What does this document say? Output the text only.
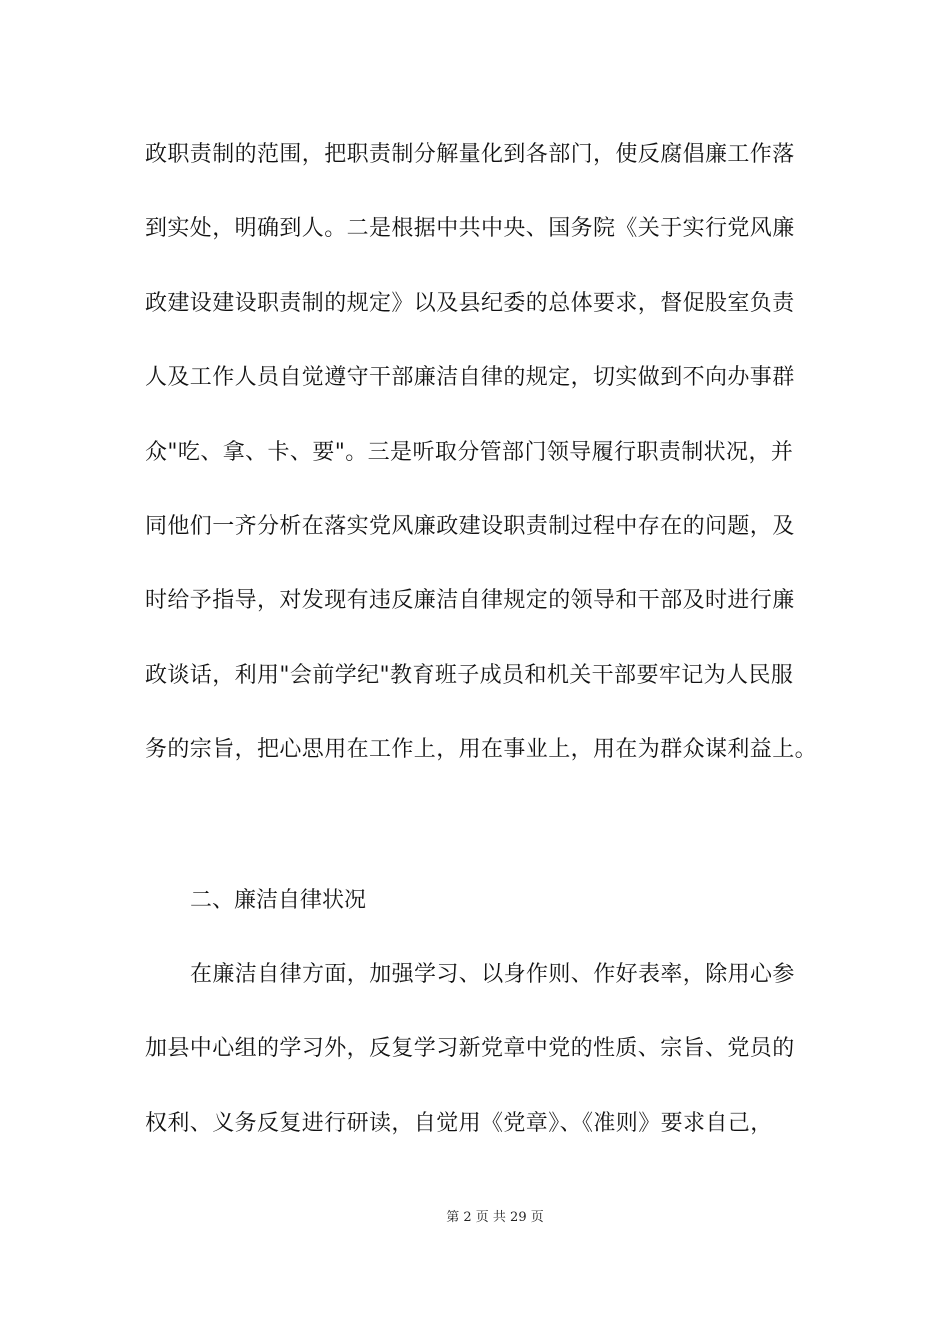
政职责制的范围，把职责制分解量化到各部门，使反腐倡廉工作落
到实处，明确到人。二是根据中共中央、国务院《关于实行党风廉
政建设建设职责制的规定》以及县纪委的总体要求，督促股室负责
人及工作人员自觉遵守干部廉洁自律的规定，切实做到不向办事群
众"吃、拿、卡、要"。三是听取分管部门领导履行职责制状况，并
同他们一齐分析在落实党风廉政建设职责制过程中存在的问题，及
时给予指导，对发现有违反廉洁自律规定的领导和干部及时进行廉
政谈话，利用"会前学纪"教育班子成员和机关干部要牢记为人民服
务的宗旨，把心思用在工作上，用在事业上，用在为群众谋利益上。
二、廉洁自律状况
在廉洁自律方面，加强学习、以身作则、作好表率，除用心参
加县中心组的学习外，反复学习新党章中党的性质、宗旨、党员的
权利、义务反复进行研读，自觉用《党章》、《准则》要求自己，
第 2 页 共 29 页
